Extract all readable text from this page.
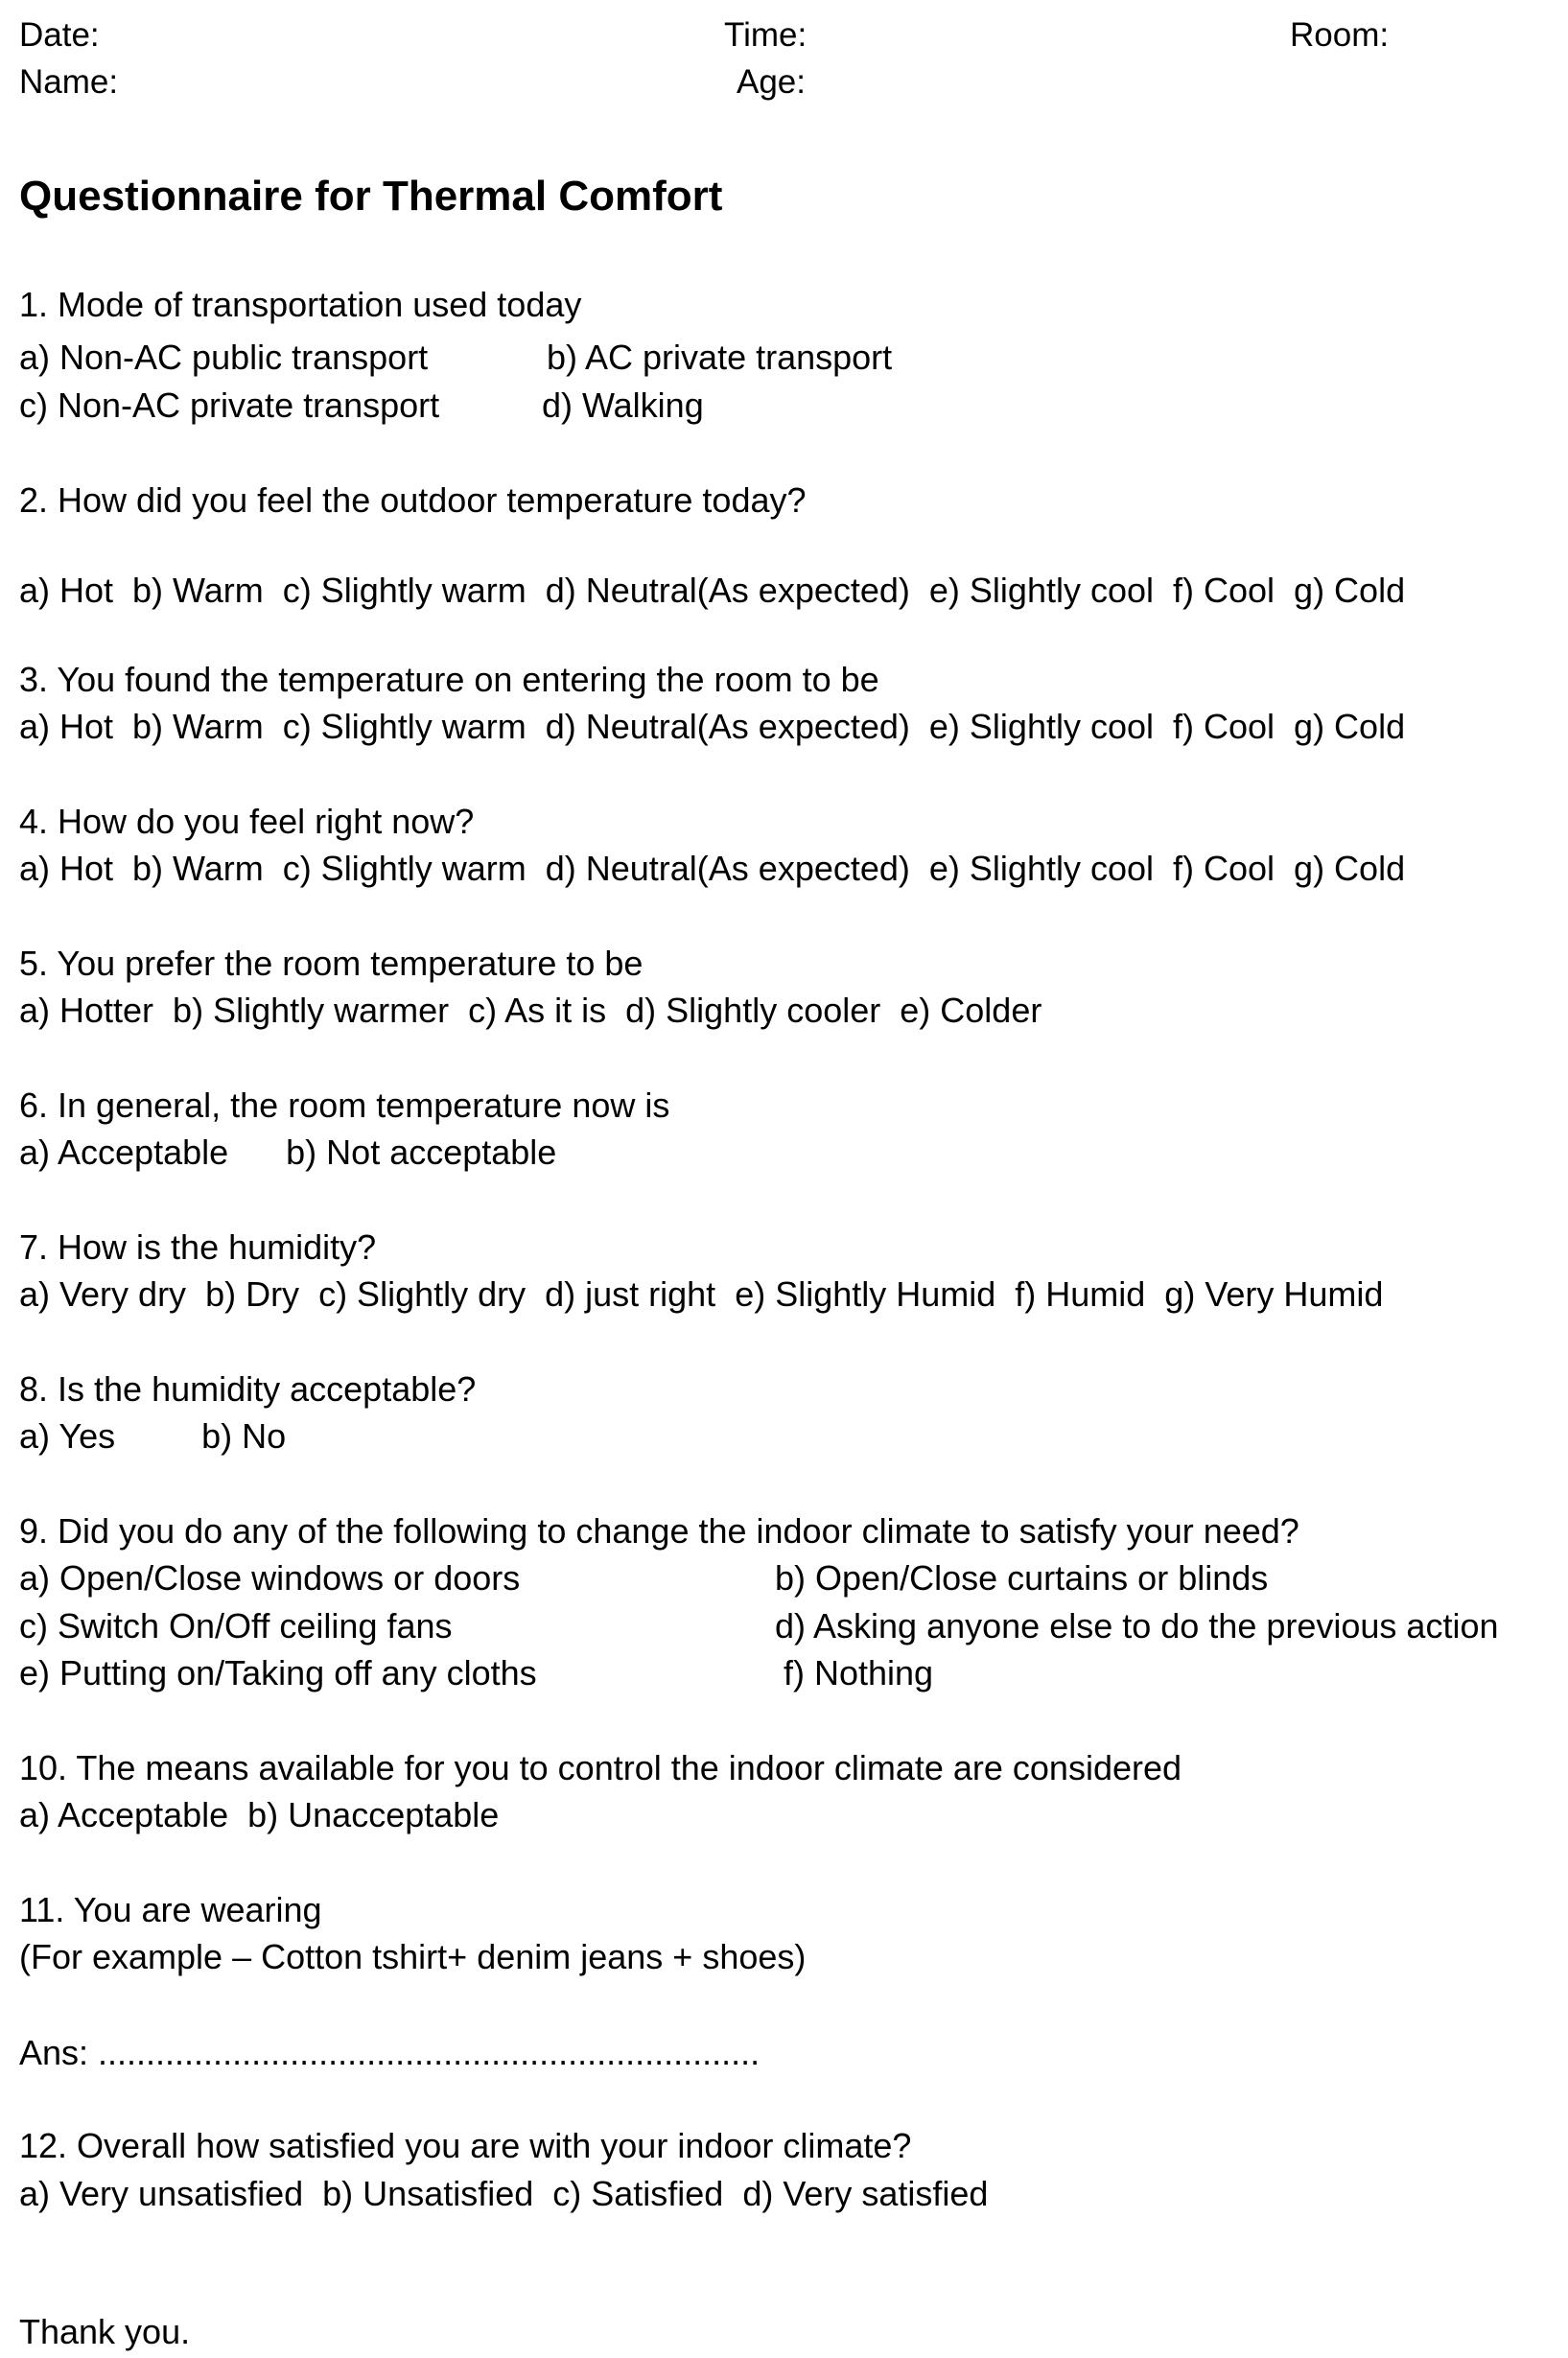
Date:	Time:	Room:
Name:	Age:
Questionnaire for Thermal Comfort
1. Mode of transportation used today
a) Non-AC public transport	b) AC private transport
c) Non-AC private transport	d) Walking
2. How did you feel the outdoor temperature today?
a) Hot  b) Warm  c) Slightly warm  d) Neutral(As expected)  e) Slightly cool  f) Cool  g) Cold
3. You found the temperature on entering the room to be
a) Hot  b) Warm  c) Slightly warm  d) Neutral(As expected)  e) Slightly cool  f) Cool  g) Cold
4. How do you feel right now?
a) Hot  b) Warm  c) Slightly warm  d) Neutral(As expected)  e) Slightly cool  f) Cool  g) Cold
5. You prefer the room temperature to be
a) Hotter  b) Slightly warmer  c) As it is  d) Slightly cooler  e) Colder
6. In general, the room temperature now is
a) Acceptable      b) Not acceptable
7. How is the humidity?
a) Very dry  b) Dry  c) Slightly dry  d) just right  e) Slightly Humid  f) Humid  g) Very Humid
8. Is the humidity acceptable?
a) Yes         b) No
9. Did you do any of the following to change the indoor climate to satisfy your need?
a) Open/Close windows or doors	b) Open/Close curtains or blinds
c) Switch On/Off ceiling fans	d) Asking anyone else to do the previous action
e) Putting on/Taking off any cloths	f) Nothing
10. The means available for you to control the indoor climate are considered
a) Acceptable  b) Unacceptable
11. You are wearing
(For example – Cotton tshirt+ denim jeans + shoes)
Ans: .....................................................................
12. Overall how satisfied you are with your indoor climate?
a) Very unsatisfied  b) Unsatisfied  c) Satisfied  d) Very satisfied
Thank you.
